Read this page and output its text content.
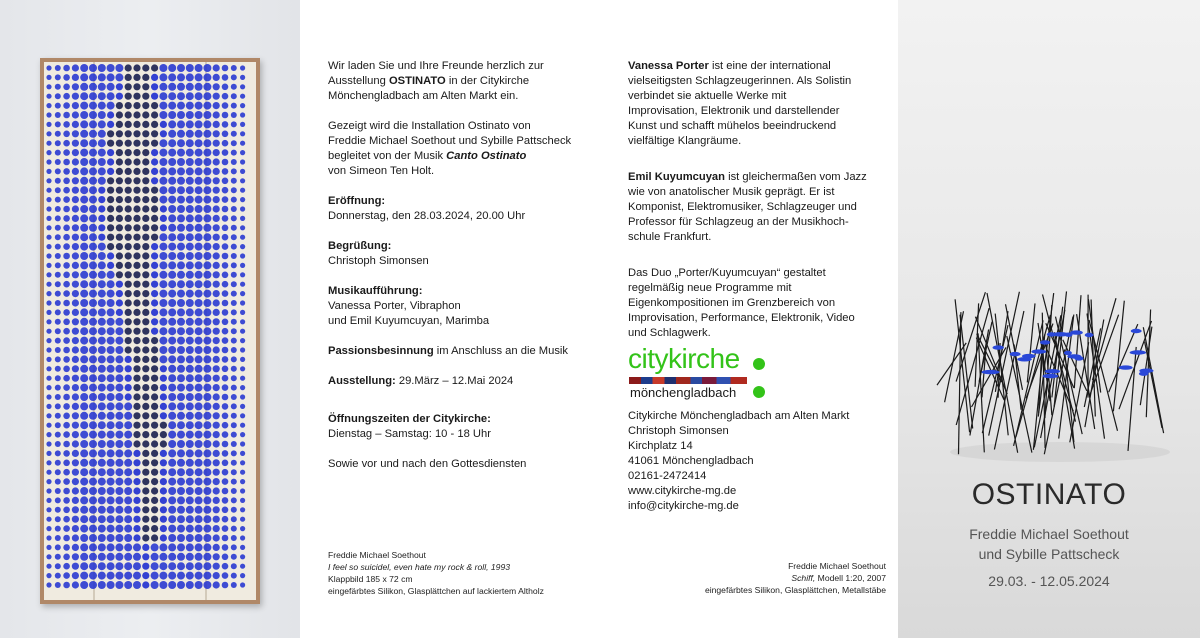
Wir laden Sie und Ihre Freunde herzlich zur
Ausstellung OSTINATO in der Citykirche
Mönchengladbach am Alten Markt ein.

Gezeigt wird die Installation Ostinato von
Freddie Michael Soethout und Sybille Pattscheck
begleitet von der Musik Canto Ostinato
von Simeon Ten Holt.

Eröffnung:
Donnerstag, den 28.03.2024, 20.00 Uhr

Begrüßung:
Christoph Simonsen

Musikaufführung:
Vanessa Porter, Vibraphon
und Emil Kuyumcuyan, Marimba

Passionsbesinnung im Anschluss an die Musik

Ausstellung: 29.März – 12.Mai 2024

Öffnungszeiten der Citykirche:
Dienstag – Samstag: 10 - 18 Uhr

Sowie vor und nach den Gottesdiensten

Freddie Michael Soethout
I feel so suicidel, even hate my rock & roll, 1993
Klappbild 185 x 72 cm
eingefärbtes Silikon, Glasplättchen auf lackiertem Altholz

Vanessa Porter ist eine der international
vielseitigsten Schlagzeugerinnen. Als Solistin
verbindet sie aktuelle Werke mit
Improvisation, Elektronik und darstellender
Kunst und schafft mühelos beeindruckend
vielfältige Klangräume.

Emil Kuyumcuyan ist gleichermaßen vom Jazz
wie von anatolischer Musik geprägt. Er ist
Komponist, Elektromusiker, Schlagzeuger und
Professor für Schlagzeug an der Musikhoch-
schule Frankfurt.

Das Duo „Porter/Kuyumcuyan“ gestaltet
regelmäßig neue Programme mit
Eigenkompositionen im Grenzbereich von
Improvisation, Performance, Elektronik, Video
und Schlagwerk.

citykirche
mönchengladbach
Citykirche Mönchengladbach am Alten Markt
Christoph Simonsen
Kirchplatz 14
41061 Mönchengladbach
02161-2472414
www.citykirche-mg.de
info@citykirche-mg.de
Freddie Michael Soethout
Schiff, Modell 1:20, 2007
eingefärbtes Silikon, Glasplättchen, Metallstäbe
OSTINATO
Freddie Michael Soethout
und Sybille Pattscheck
29.03. - 12.05.2024
